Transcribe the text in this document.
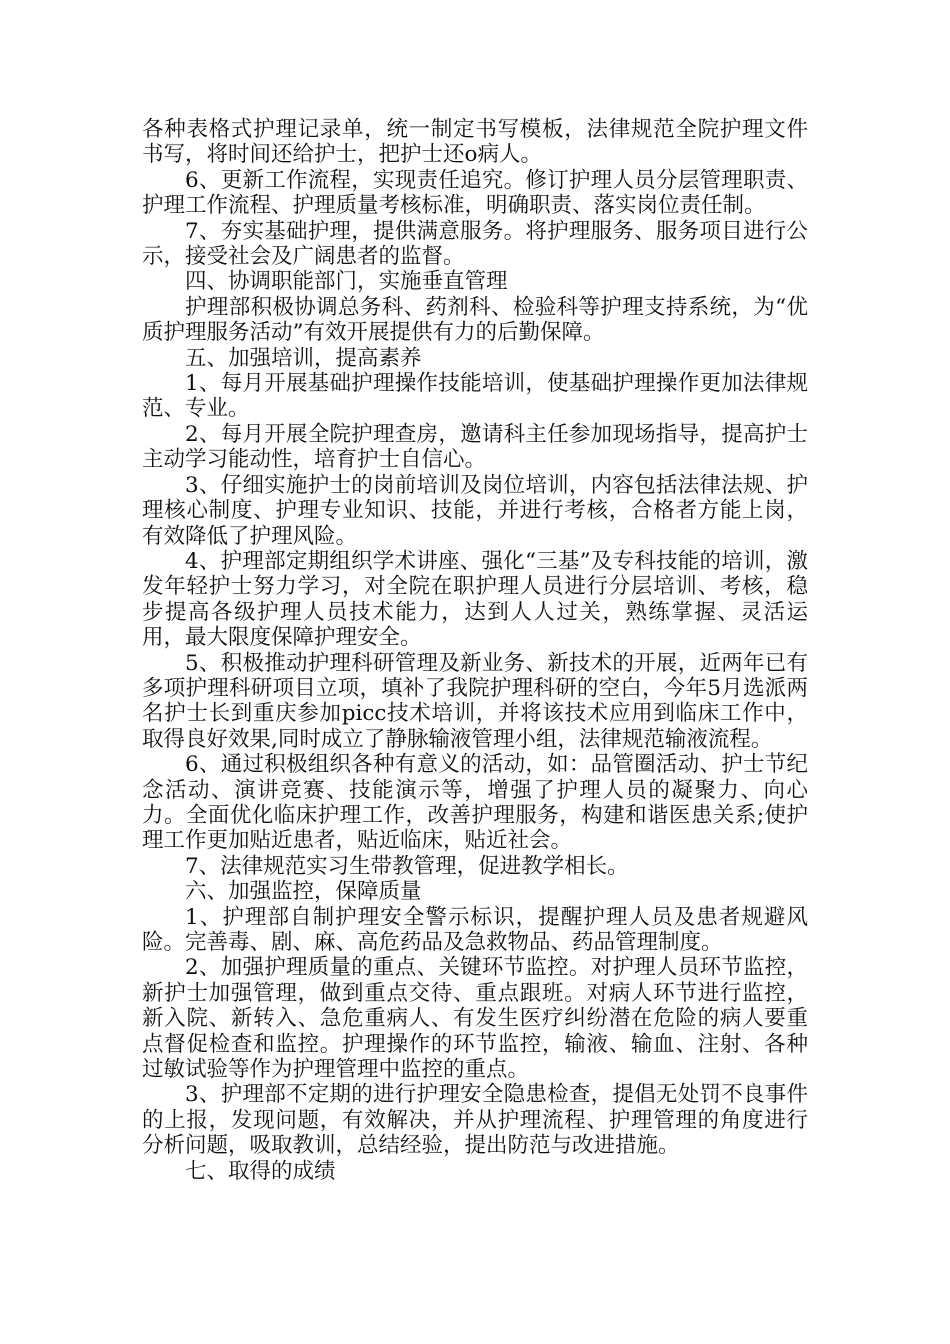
各种表格式护理记录单，统一制定书写模板，法律规范全院护理文件书写，将时间还给护士，把护士还o病人。

6、更新工作流程，实现责任追究。修订护理人员分层管理职责、护理工作流程、护理质量考核标准，明确职责、落实岗位责任制。

7、夯实基础护理，提供满意服务。将护理服务、服务项目进行公示，接受社会及广阔患者的监督。

四、协调职能部门，实施垂直管理

护理部积极协调总务科、药剂科、检验科等护理支持系统，为“优质护理服务活动”有效开展提供有力的后勤保障。

五、加强培训，提高素养

1、每月开展基础护理操作技能培训，使基础护理操作更加法律规范、专业。

2、每月开展全院护理查房，邀请科主任参加现场指导，提高护士主动学习能动性，培育护士自信心。

3、仔细实施护士的岗前培训及岗位培训，内容包括法律法规、护理核心制度、护理专业知识、技能，并进行考核，合格者方能上岗，有效降低了护理风险。

4、护理部定期组织学术讲座、强化“三基”及专科技能的培训，激发年轻护士努力学习，对全院在职护理人员进行分层培训、考核，稳步提高各级护理人员技术能力，达到人人过关，熟练掌握、灵活运用，最大限度保障护理安全。

5、积极推动护理科研管理及新业务、新技术的开展，近两年已有多项护理科研项目立项，填补了我院护理科研的空白，今年5月选派两名护士长到重庆参加picc技术培训，并将该技术应用到临床工作中，取得良好效果,同时成立了静脉输液管理小组，法律规范输液流程。

6、通过积极组织各种有意义的活动，如：品管圈活动、护士节纪念活动、演讲竞赛、技能演示等，增强了护理人员的凝聚力、向心力。全面优化临床护理工作，改善护理服务，构建和谐医患关系;使护理工作更加贴近患者，贴近临床，贴近社会。

7、法律规范实习生带教管理，促进教学相长。

六、加强监控，保障质量

1、护理部自制护理安全警示标识，提醒护理人员及患者规避风险。完善毒、剧、麻、高危药品及急救物品、药品管理制度。

2、加强护理质量的重点、关键环节监控。对护理人员环节监控，新护士加强管理，做到重点交待、重点跟班。对病人环节进行监控，新入院、新转入、急危重病人、有发生医疗纠纷潜在危险的病人要重点督促检查和监控。护理操作的环节监控，输液、输血、注射、各种过敏试验等作为护理管理中监控的重点。

3、护理部不定期的进行护理安全隐患检查，提倡无处罚不良事件的上报，发现问题，有效解决，并从护理流程、护理管理的角度进行分析问题，吸取教训，总结经验，提出防范与改进措施。

七、取得的成绩
